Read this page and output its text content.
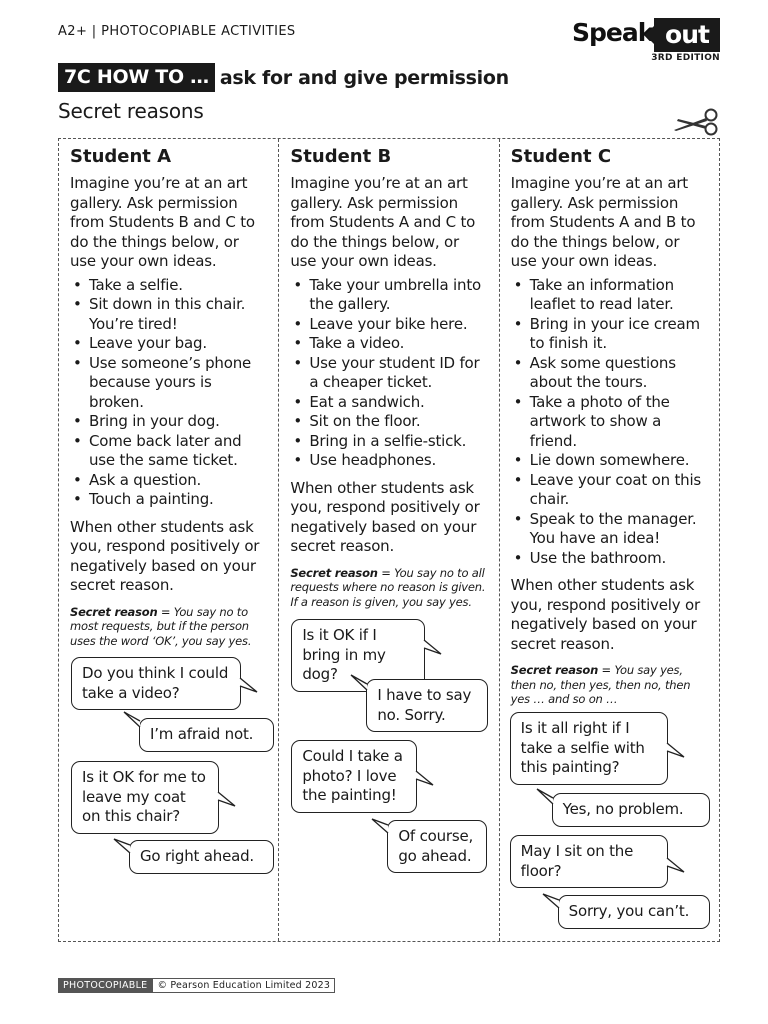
A2+ | PHOTOCOPIABLE ACTIVITIES	Speak out
3RD EDITION
7C HOW TO … ask for and give permission
Secret reasons
Student A
Imagine you’re at an art gallery. Ask permission from Students B and C to do the things below, or use your own ideas.
• Take a selfie.
• Sit down in this chair. You’re tired!
• Leave your bag.
• Use someone’s phone because yours is broken.
• Bring in your dog.
• Come back later and use the same ticket.
• Ask a question.
• Touch a painting.
When other students ask you, respond positively or negatively based on your secret reason.
Secret reason = You say no to most requests, but if the person uses the word ‘OK’, you say yes.
Do you think I could take a video?
I’m afraid not.
Is it OK for me to leave my coat on this chair?
Go right ahead.
Student B
Imagine you’re at an art gallery. Ask permission from Students A and C to do the things below, or use your own ideas.
• Take your umbrella into the gallery.
• Leave your bike here.
• Take a video.
• Use your student ID for a cheaper ticket.
• Eat a sandwich.
• Sit on the floor.
• Bring in a selfie-stick.
• Use headphones.
When other students ask you, respond positively or negatively based on your secret reason.
Secret reason = You say no to all requests where no reason is given. If a reason is given, you say yes.
Is it OK if I bring in my dog?
I have to say no. Sorry.
Could I take a photo? I love the painting!
Of course, go ahead.
Student C
Imagine you’re at an art gallery. Ask permission from Students A and B to do the things below, or use your own ideas.
• Take an information leaflet to read later.
• Bring in your ice cream to finish it.
• Ask some questions about the tours.
• Take a photo of the artwork to show a friend.
• Lie down somewhere.
• Leave your coat on this chair.
• Speak to the manager. You have an idea!
• Use the bathroom.
When other students ask you, respond positively or negatively based on your secret reason.
Secret reason = You say yes, then no, then yes, then no, then yes … and so on …
Is it all right if I take a selfie with this painting?
Yes, no problem.
May I sit on the floor?
Sorry, you can’t.
PHOTOCOPIABLE	© Pearson Education Limited 2023
